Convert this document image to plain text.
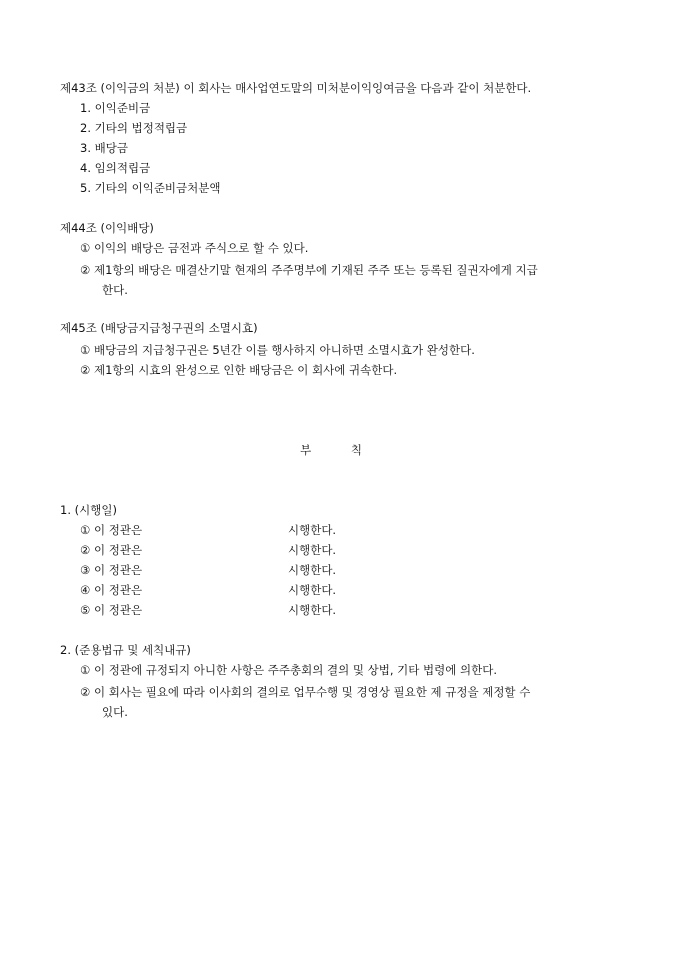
제43조 (이익금의 처분) 이 회사는 매사업연도말의 미처분이익잉여금을 다음과 같이 처분한다.
1. 이익준비금
2. 기타의 법정적립금
3. 배당금
4. 임의적립금
5. 기타의 이익준비금처분액
제44조 (이익배당)
① 이익의 배당은 금전과 주식으로 할 수 있다.
② 제1항의 배당은 매결산기말 현재의 주주명부에 기재된 주주 또는 등록된 질권자에게 지급
한다.
제45조 (배당금지급청구권의 소멸시효)
① 배당금의 지급청구권은 5년간 이를 행사하지 아니하면 소멸시효가 완성한다.
② 제1항의 시효의 완성으로 인한 배당금은 이 회사에 귀속한다.
부 칙
1. (시행일)
① 이 정관은	시행한다.
② 이 정관은	시행한다.
③ 이 정관은	시행한다.
④ 이 정관은	시행한다.
⑤ 이 정관은	시행한다.
2. (준용법규 및 세칙내규)
① 이 정관에 규정되지 아니한 사항은 주주총회의 결의 및 상법, 기타 법령에 의한다.
② 이 회사는 필요에 따라 이사회의 결의로 업무수행 및 경영상 필요한 제 규정을 제정할 수
있다.
